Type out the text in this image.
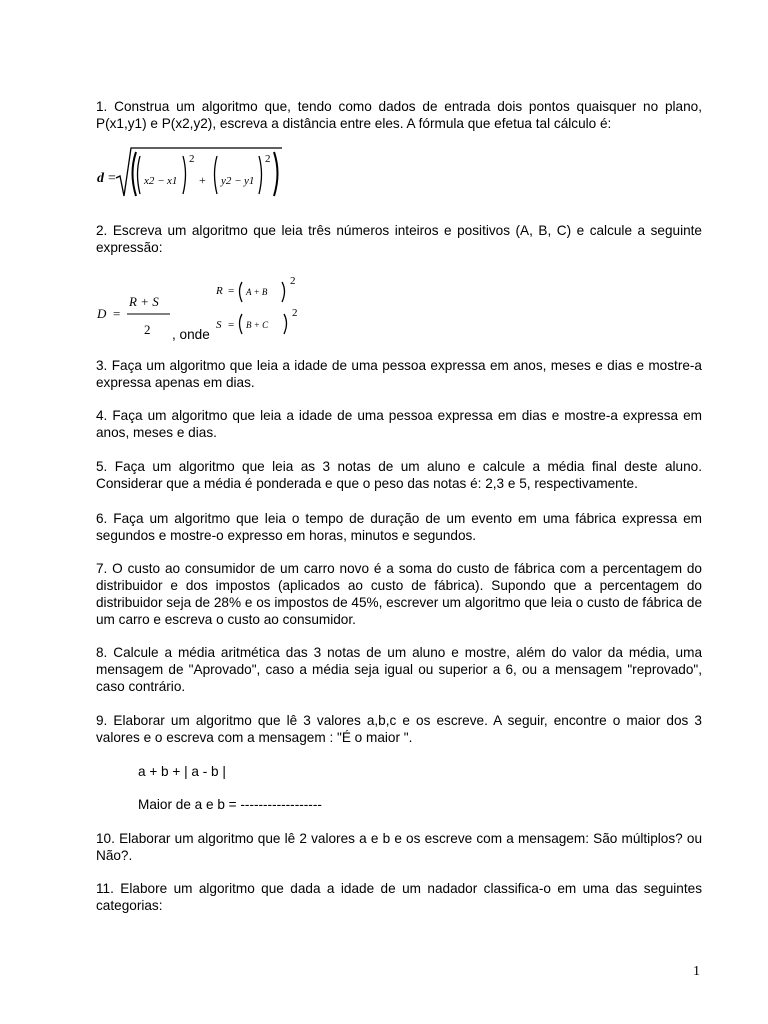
1. Construa um algoritmo que, tendo como dados de entrada dois pontos quaisquer no plano, P(x1,y1) e P(x2,y2), escreva a distância entre eles. A fórmula que efetua tal cálculo é:

d =	x2 − x1
2
+ y2 − y1
2

2. Escreva um algoritmo que leia três números inteiros e positivos (A, B, C) e calcule a seguinte expressão:

D =
R + S
2 , onde
R = A + B
2
S = B + C
2

3. Faça um algoritmo que leia a idade de uma pessoa expressa em anos, meses e dias e mostre-a expressa apenas em dias.

4. Faça um algoritmo que leia a idade de uma pessoa expressa em dias e mostre-a expressa em anos, meses e dias.

5. Faça um algoritmo que leia as 3 notas de um aluno e calcule a média final deste aluno. Considerar que a média é ponderada e que o peso das notas é: 2,3 e 5, respectivamente.

6. Faça um algoritmo que leia o tempo de duração de um evento em uma fábrica expressa em segundos e mostre-o expresso em horas, minutos e segundos.

7. O custo ao consumidor de um carro novo é a soma do custo de fábrica com a percentagem do distribuidor e dos impostos (aplicados ao custo de fábrica). Supondo que a percentagem do distribuidor seja de 28% e os impostos de 45%, escrever um algoritmo que leia o custo de fábrica de um carro e escreva o custo ao consumidor.

8. Calcule a média aritmética das 3 notas de um aluno e mostre, além do valor da média, uma mensagem de "Aprovado", caso a média seja igual ou superior a 6, ou a mensagem "reprovado", caso contrário.

9. Elaborar um algoritmo que lê 3 valores a,b,c e os escreve. A seguir, encontre o maior dos 3 valores e o escreva com a mensagem : "É o maior ".

a + b + | a - b |

Maior de a e b = ------------------

10. Elaborar um algoritmo que lê 2 valores a e b e os escreve com a mensagem: São múltiplos? ou Não?.

11. Elabore um algoritmo que dada a idade de um nadador classifica-o em uma das seguintes categorias:

1
